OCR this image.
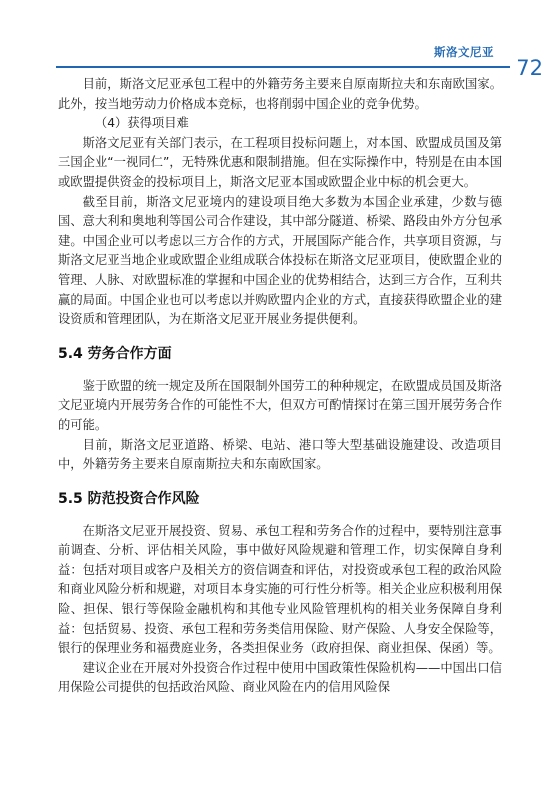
斯洛文尼亚
72

目前，斯洛文尼亚承包工程中的外籍劳务主要来自原南斯拉夫和东南欧国家。此外，按当地劳动力价格成本竞标，也将削弱中国企业的竞争优势。

（4）获得项目难

斯洛文尼亚有关部门表示，在工程项目投标问题上，对本国、欧盟成员国及第三国企业“一视同仁”，无特殊优惠和限制措施。但在实际操作中，特别是在由本国或欧盟提供资金的投标项目上，斯洛文尼亚本国或欧盟企业中标的机会更大。

截至目前，斯洛文尼亚境内的建设项目绝大多数为本国企业承建，少数与德国、意大利和奥地利等国公司合作建设，其中部分隧道、桥梁、路段由外方分包承建。中国企业可以考虑以三方合作的方式，开展国际产能合作，共享项目资源，与斯洛文尼亚当地企业或欧盟企业组成联合体投标在斯洛文尼亚项目，使欧盟企业的管理、人脉、对欧盟标准的掌握和中国企业的优势相结合，达到三方合作，互利共赢的局面。中国企业也可以考虑以并购欧盟内企业的方式，直接获得欧盟企业的建设资质和管理团队，为在斯洛文尼亚开展业务提供便利。

5.4 劳务合作方面

鉴于欧盟的统一规定及所在国限制外国劳工的种种规定，在欧盟成员国及斯洛文尼亚境内开展劳务合作的可能性不大，但双方可酌情探讨在第三国开展劳务合作的可能。

目前，斯洛文尼亚道路、桥梁、电站、港口等大型基础设施建设、改造项目中，外籍劳务主要来自原南斯拉夫和东南欧国家。

5.5 防范投资合作风险

在斯洛文尼亚开展投资、贸易、承包工程和劳务合作的过程中，要特别注意事前调查、分析、评估相关风险，事中做好风险规避和管理工作，切实保障自身利益：包括对项目或客户及相关方的资信调查和评估，对投资或承包工程的政治风险和商业风险分析和规避，对项目本身实施的可行性分析等。相关企业应积极利用保险、担保、银行等保险金融机构和其他专业风险管理机构的相关业务保障自身利益：包括贸易、投资、承包工程和劳务类信用保险、财产保险、人身安全保险等，银行的保理业务和福费庭业务，各类担保业务（政府担保、商业担保、保函）等。

建议企业在开展对外投资合作过程中使用中国政策性保险机构——中国出口信用保险公司提供的包括政治风险、商业风险在内的信用风险保
